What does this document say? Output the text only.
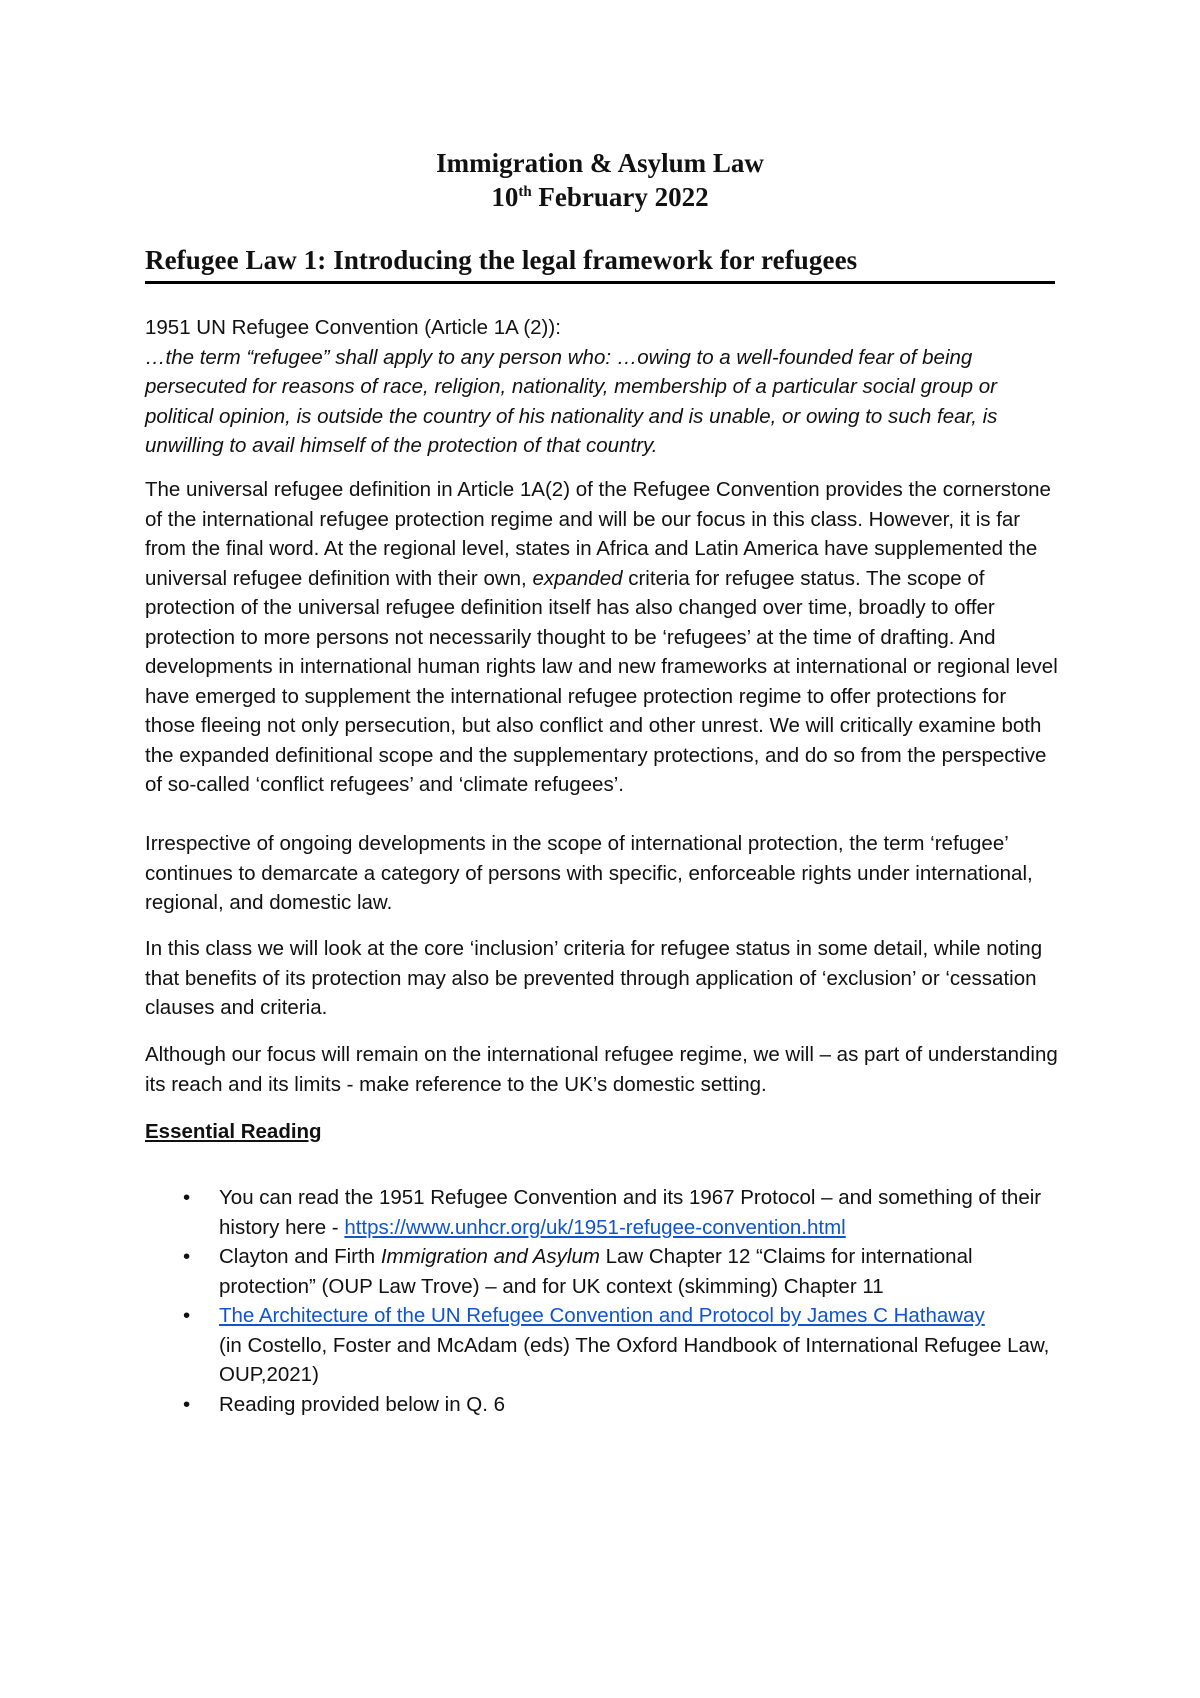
Immigration & Asylum Law
10th February 2022
Refugee Law 1: Introducing the legal framework for refugees

1951 UN Refugee Convention (Article 1A (2)):

…the term “refugee” shall apply to any person who: …owing to a well-founded fear of being persecuted for reasons of race, religion, nationality, membership of a particular social group or political opinion, is outside the country of his nationality and is unable, or owing to such fear, is unwilling to avail himself of the protection of that country.

The universal refugee definition in Article 1A(2) of the Refugee Convention provides the cornerstone of the international refugee protection regime and will be our focus in this class. However, it is far from the final word. At the regional level, states in Africa and Latin America have supplemented the universal refugee definition with their own, expanded criteria for refugee status. The scope of protection of the universal refugee definition itself has also changed over time, broadly to offer protection to more persons not necessarily thought to be ‘refugees’ at the time of drafting. And developments in international human rights law and new frameworks at international or regional level have emerged to supplement the international refugee protection regime to offer protections for those fleeing not only persecution, but also conflict and other unrest. We will critically examine both the expanded definitional scope and the supplementary protections, and do so from the perspective of so-called ‘conflict refugees’ and ‘climate refugees’.

Irrespective of ongoing developments in the scope of international protection, the term ‘refugee’ continues to demarcate a category of persons with specific, enforceable rights under international, regional, and domestic law.

In this class we will look at the core ‘inclusion’ criteria for refugee status in some detail, while noting that benefits of its protection may also be prevented through application of ‘exclusion’ or ‘cessation clauses and criteria.

Although our focus will remain on the international refugee regime, we will – as part of understanding its reach and its limits - make reference to the UK’s domestic setting.

Essential Reading

• You can read the 1951 Refugee Convention and its 1967 Protocol – and something of their history here - https://www.unhcr.org/uk/1951-refugee-convention.html
• Clayton and Firth Immigration and Asylum Law Chapter 12 “Claims for international protection” (OUP Law Trove) – and for UK context (skimming) Chapter 11
• The Architecture of the UN Refugee Convention and Protocol by James C Hathaway
(in Costello, Foster and McAdam (eds) The Oxford Handbook of International Refugee Law, OUP,2021)
• Reading provided below in Q. 6
